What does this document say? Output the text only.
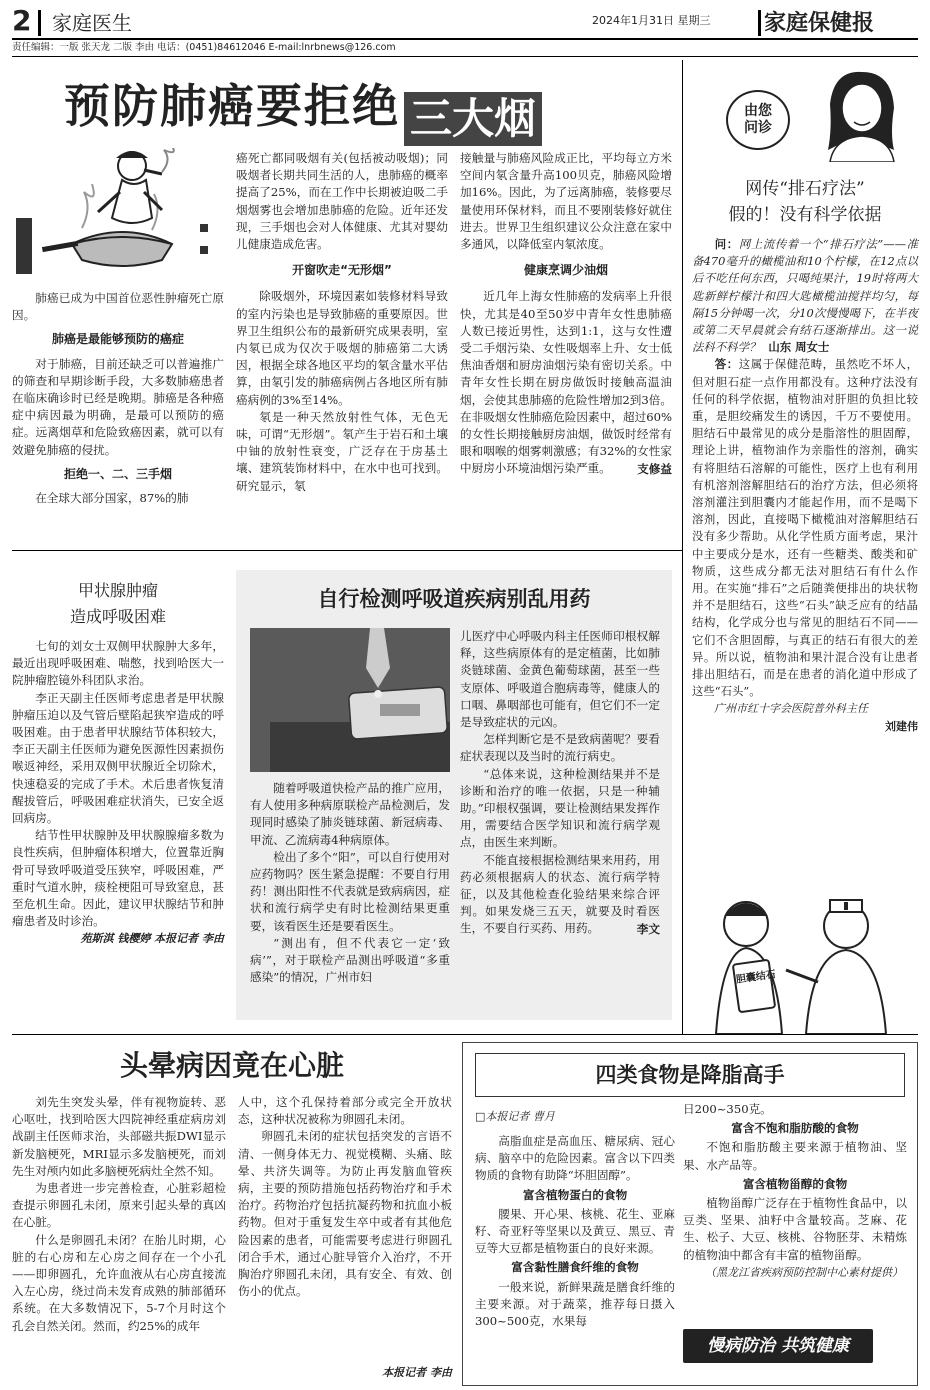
2 家庭医生	2024年1月31日 星期三 家庭保健报
责任编辑：一版 张天龙 二版 李由 电话：(0451)84612046 E-mail:lnrbnews@126.com
预防肺癌要拒绝 三大烟

肺癌已成为中国首位恶性肿瘤死亡原因。

肺癌是最能够预防的癌症

对于肺癌，目前还缺乏可以普遍推广的筛查和早期诊断手段，大多数肺癌患者在临床确诊时已经是晚期。肺癌是各种癌症中病因最为明确，是最可以预防的癌症。远离烟草和危险致癌因素，就可以有效避免肺癌的侵扰。

拒绝一、二、三手烟

在全球大部分国家，87%的肺

癌死亡都同吸烟有关(包括被动吸烟)；同吸烟者长期共同生活的人，患肺癌的概率提高了25%，而在工作中长期被迫吸二手烟烟雾也会增加患肺癌的危险。近年还发现，三手烟也会对人体健康、尤其对婴幼儿健康造成危害。

开窗吹走“无形烟”

除吸烟外，环境因素如装修材料导致的室内污染也是导致肺癌的重要原因。世界卫生组织公布的最新研究成果表明，室内氡已成为仅次于吸烟的肺癌第二大诱因，根据全球各地区平均的氡含量水平估算，由氡引发的肺癌病例占各地区所有肺癌病例的3%至14%。

氡是一种天然放射性气体，无色无味，可谓“无形烟”。氡产生于岩石和土壤中铀的放射性衰变，广泛存在于房基土壤、建筑装饰材料中，在水中也可找到。研究显示，氡

接触量与肺癌风险成正比，平均每立方米空间内氡含量升高100贝克，肺癌风险增加16%。因此，为了远离肺癌，装修要尽量使用环保材料，而且不要刚装修好就住进去。世界卫生组织建议公众注意在家中多通风，以降低室内氡浓度。

健康烹调少油烟

近几年上海女性肺癌的发病率上升很快，尤其是40至50岁中青年女性患肺癌人数已接近男性，达到1:1，这与女性遭受二手烟污染、女性吸烟率上升、女士低焦油香烟和厨房油烟污染有密切关系。中青年女性长期在厨房做饭时接触高温油烟，会使其患肺癌的危险性增加2到3倍。在非吸烟女性肺癌危险因素中，超过60%的女性长期接触厨房油烟，做饭时经常有眼和咽喉的烟雾刺激感；有32%的女性家中厨房小环境油烟污染严重。	支修益
由您问诊
网传“排石疗法”
假的！没有科学依据

问：网上流传着一个“排石疗法”——准备470毫升的橄榄油和10个柠檬，在12点以后不吃任何东西，只喝纯果汁，19时将两大匙新鲜柠檬汁和四大匙橄榄油搅拌均匀，每隔15分钟喝一次，分10次慢慢喝下，在半夜或第二天早晨就会有结石逐渐排出。这一说法科不科学？ 山东 周女士

答：这属于保健范畴，虽然吃不坏人，但对胆石症一点作用都没有。这种疗法没有任何的科学依据，植物油对肝胆的负担比较重，是胆绞痛发生的诱因，千万不要使用。胆结石中最常见的成分是脂溶性的胆固醇，理论上讲，植物油作为亲脂性的溶剂，确实有将胆结石溶解的可能性，医疗上也有利用有机溶剂溶解胆结石的治疗方法，但必须将溶剂灌注到胆囊内才能起作用，而不是喝下溶剂，因此，直接喝下橄榄油对溶解胆结石没有多少帮助。从化学性质方面考虑，果汁中主要成分是水，还有一些糖类、酸类和矿物质，这些成分都无法对胆结石有什么作用。在实施“排石”之后随粪便排出的块状物并不是胆结石，这些“石头”缺乏应有的结晶结构，化学成分也与常见的胆结石不同——它们不含胆固醇，与真正的结石有很大的差异。所以说，植物油和果汁混合没有让患者排出胆结石，而是在患者的消化道中形成了这些“石头”。

广州市红十字会医院普外科主任
刘建伟

胆囊结石
甲状腺肿瘤
造成呼吸困难

七旬的刘女士双侧甲状腺肿大多年，最近出现呼吸困难、喘憋，找到哈医大一院肿瘤腔镜外科团队求治。

李正天副主任医师考虑患者是甲状腺肿瘤压迫以及气管后壁陷起狭窄造成的呼吸困难。由于患者甲状腺结节体积较大，李正天副主任医师为避免医源性因素损伤喉返神经，采用双侧甲状腺近全切除术，快速稳妥的完成了手术。术后患者恢复清醒拔管后，呼吸困难症状消失，已安全返回病房。

结节性甲状腺肿及甲状腺腺瘤多数为良性疾病，但肿瘤体积增大，位置靠近胸骨可导致呼吸道受压狭窄，呼吸困难，严重时气道水肿，痰栓梗阻可导致窒息，甚至危机生命。因此，建议甲状腺结节和肿瘤患者及时诊治。

苑斯淇 钱樱婷 本报记者 李由
自行检测呼吸道疾病别乱用药

随着呼吸道快检产品的推广应用，有人使用多种病原联检产品检测后，发现同时感染了肺炎链球菌、新冠病毒、甲流、乙流病毒4种病原体。

检出了多个“阳”，可以自行使用对应药物吗？医生紧急提醒：不要自行用药！测出阳性不代表就是致病病因，症状和流行病学史有时比检测结果更重要，该看医生还是要看医生。

“测出有，但不代表它一定‘致病’”，对于联检产品测出呼吸道“多重感染”的情况，广州市妇

儿医疗中心呼吸内科主任医师印根权解释，这些病原体有的是定植菌，比如肺炎链球菌、金黄色葡萄球菌，甚至一些支原体、呼吸道合胞病毒等，健康人的口咽、鼻咽部也可能有，但它们不一定是导致症状的元凶。

怎样判断它是不是致病菌呢？要看症状表现以及当时的流行病史。

“总体来说，这种检测结果并不是诊断和治疗的唯一依据，只是一种辅助。”印根权强调，要让检测结果发挥作用，需要结合医学知识和流行病学观点，由医生来判断。

不能直接根据检测结果来用药，用药必须根据病人的状态、流行病学特征，以及其他检查化验结果来综合评判。如果发烧三五天，就要及时看医生，不要自行买药、用药。	李文
头晕病因竟在心脏

刘先生突发头晕，伴有视物旋转、恶心呕吐，找到哈医大四院神经重症病房刘战副主任医师求治，头部磁共振DWI显示新发脑梗死，MRI显示多发脑梗死，而刘先生对颅内如此多脑梗死病灶全然不知。

为患者进一步完善检查，心脏彩超检查提示卵圆孔未闭，原来引起头晕的真凶在心脏。

什么是卵圆孔未闭？在胎儿时期，心脏的右心房和左心房之间存在一个小孔——即卵圆孔，允许血液从右心房直接流入左心房，绕过尚未发育成熟的肺部循环系统。在大多数情况下，5-7个月时这个孔会自然关闭。然而，约25%的成年

人中，这个孔保持着部分或完全开放状态，这种状况被称为卵圆孔未闭。

卵圆孔未闭的症状包括突发的言语不清、一侧身体无力、视觉模糊、头痛、眩晕、共济失调等。为防止再发脑血管疾病，主要的预防措施包括药物治疗和手术治疗。药物治疗包括抗凝药物和抗血小板药物。但对于重复发生卒中或者有其他危险因素的患者，可能需要考虑进行卵圆孔闭合手术，通过心脏导管介入治疗，不开胸治疗卵圆孔未闭，具有安全、有效、创伤小的优点。

本报记者 李由
四类食物是降脂高手
□本报记者 曹月

高脂血症是高血压、糖尿病、冠心病、脑卒中的危险因素。富含以下四类物质的食物有助降“坏胆固醇”。

富含植物蛋白的食物

腰果、开心果、核桃、花生、亚麻籽、奇亚籽等坚果以及黄豆、黑豆、青豆等大豆都是植物蛋白的良好来源。

富含黏性膳食纤维的食物

一般来说，新鲜果蔬是膳食纤维的主要来源。对于蔬菜，推荐每日摄入300~500克，水果每

日200~350克。

富含不饱和脂肪酸的食物

不饱和脂肪酸主要来源于植物油、坚果、水产品等。

富含植物甾醇的食物

植物甾醇广泛存在于植物性食品中，以豆类、坚果、油籽中含量较高。芝麻、花生、松子、大豆、核桃、谷物胚芽、未精炼的植物油中都含有丰富的植物甾醇。

（黑龙江省疾病预防控制中心素材提供）

慢病防治 共筑健康
